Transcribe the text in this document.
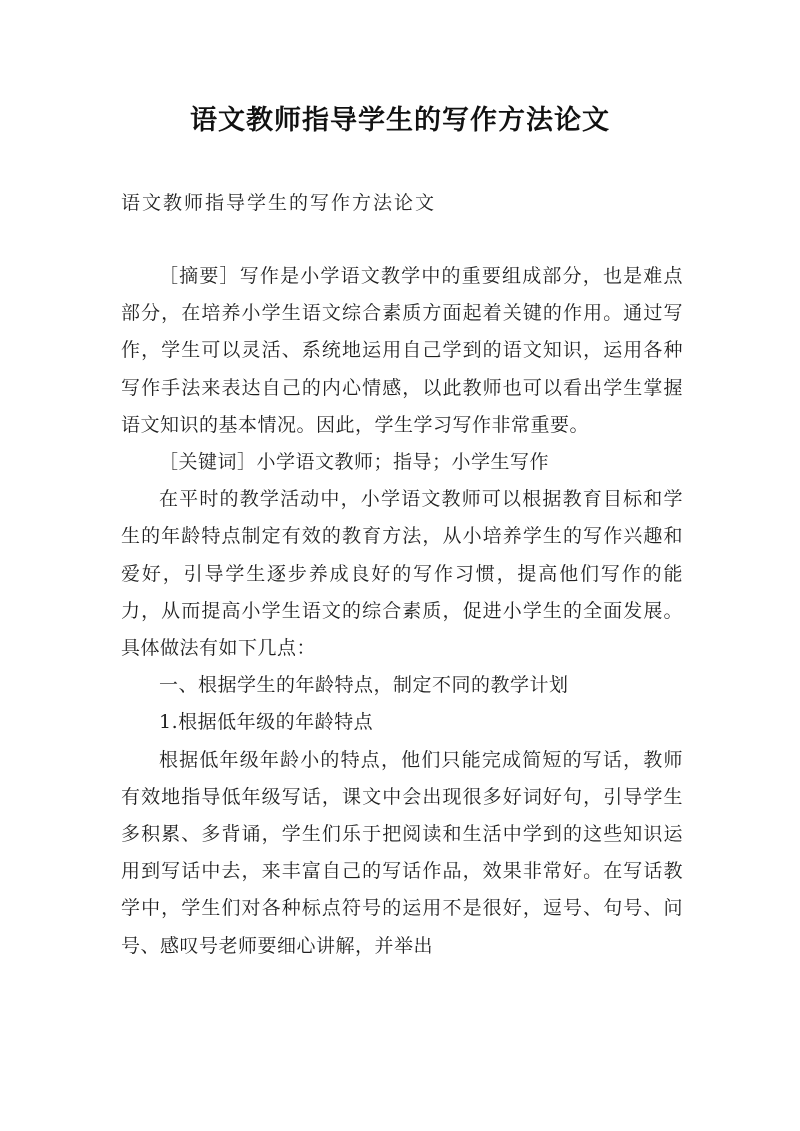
语文教师指导学生的写作方法论文
语文教师指导学生的写作方法论文

［摘要］写作是小学语文教学中的重要组成部分，也是难点部分，在培养小学生语文综合素质方面起着关键的作用。通过写作，学生可以灵活、系统地运用自己学到的语文知识，运用各种写作手法来表达自己的内心情感，以此教师也可以看出学生掌握语文知识的基本情况。因此，学生学习写作非常重要。

［关键词］小学语文教师；指导；小学生写作

在平时的教学活动中，小学语文教师可以根据教育目标和学生的年龄特点制定有效的教育方法，从小培养学生的写作兴趣和爱好，引导学生逐步养成良好的写作习惯，提高他们写作的能力，从而提高小学生语文的综合素质，促进小学生的全面发展。具体做法有如下几点：

一、根据学生的年龄特点，制定不同的教学计划

1.根据低年级的年龄特点

根据低年级年龄小的特点，他们只能完成简短的写话，教师有效地指导低年级写话，课文中会出现很多好词好句，引导学生多积累、多背诵，学生们乐于把阅读和生活中学到的这些知识运用到写话中去，来丰富自己的写话作品，效果非常好。在写话教学中，学生们对各种标点符号的运用不是很好，逗号、句号、问号、感叹号老师要细心讲解，并举出
